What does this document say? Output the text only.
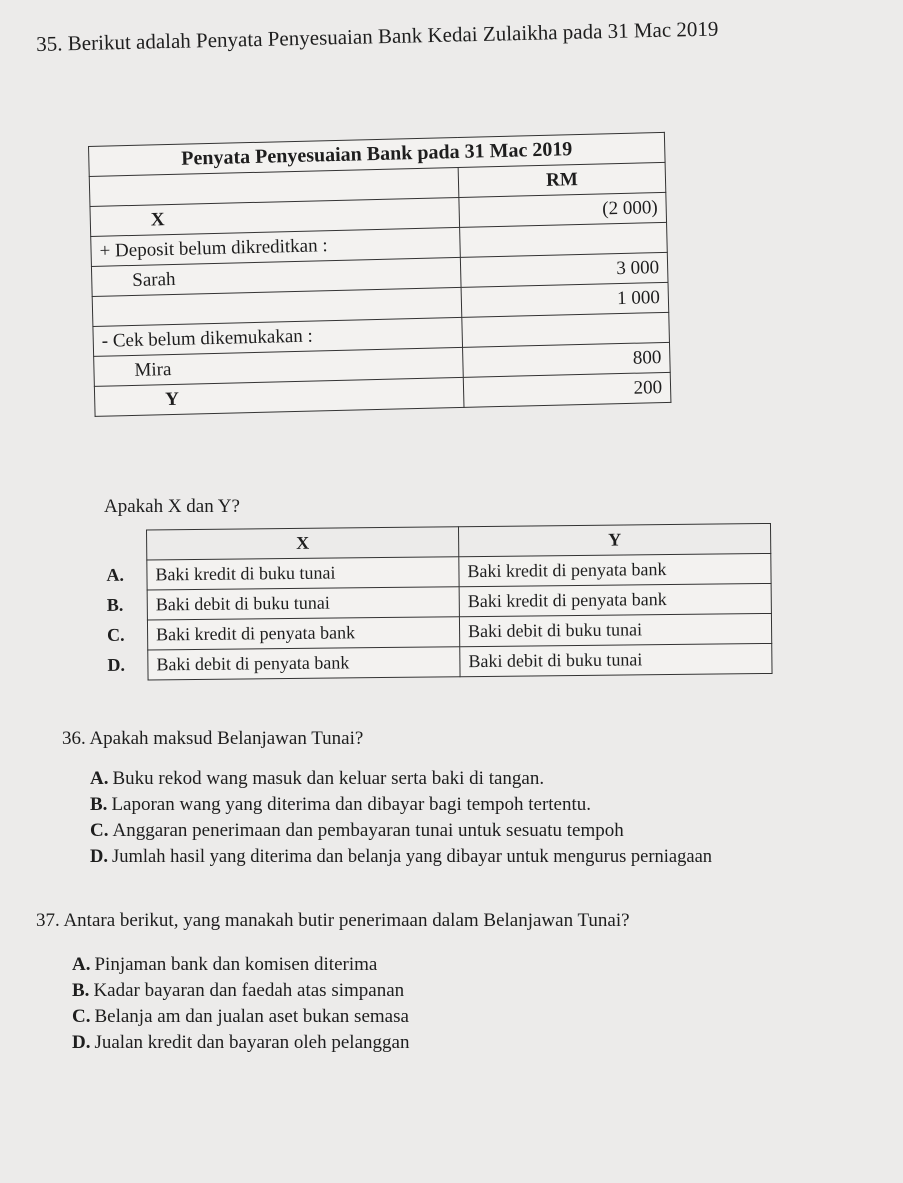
35. Berikut adalah Penyata Penyesuaian Bank Kedai Zulaikha pada 31 Mac 2019
Penyata Penyesuaian Bank pada 31 Mac 2019	
	RM
X	(2 000)
+ Deposit belum dikreditkan :	
Sarah	3 000
	1 000
- Cek belum dikemukakan :	
Mira	800
Y	200
Apakah X dan Y?
	X	Y
A.	Baki kredit di buku tunai	Baki kredit di penyata bank
B.	Baki debit di buku tunai	Baki kredit di penyata bank
C.	Baki kredit di penyata bank	Baki debit di buku tunai
D.	Baki debit di penyata bank	Baki debit di buku tunai
36. Apakah maksud Belanjawan Tunai?
A. Buku rekod wang masuk dan keluar serta baki di tangan.
B. Laporan wang yang diterima dan dibayar bagi tempoh tertentu.
C. Anggaran penerimaan dan pembayaran tunai untuk sesuatu tempoh
D. Jumlah hasil yang diterima dan belanja yang dibayar untuk mengurus perniagaan
37. Antara berikut, yang manakah butir penerimaan dalam Belanjawan Tunai?
A. Pinjaman bank dan komisen diterima
B. Kadar bayaran dan faedah atas simpanan
C. Belanja am dan jualan aset bukan semasa
D. Jualan kredit dan bayaran oleh pelanggan
